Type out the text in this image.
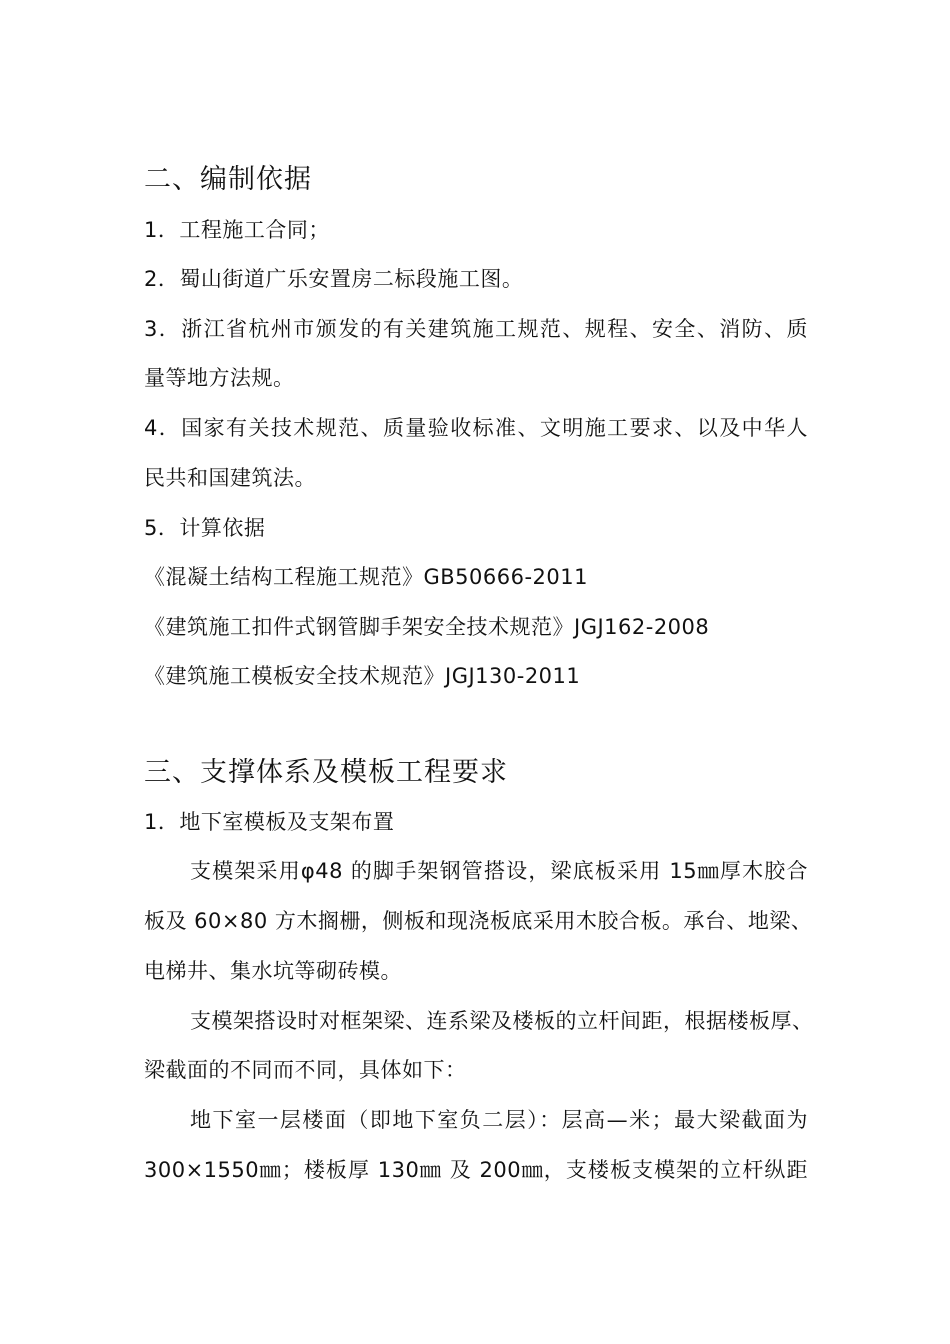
二、编制依据
1．工程施工合同；
2．蜀山街道广乐安置房二标段施工图。
3．浙江省杭州市颁发的有关建筑施工规范、规程、安全、消防、质
量等地方法规。
4．国家有关技术规范、质量验收标准、文明施工要求、以及中华人
民共和国建筑法。
5．计算依据
《混凝土结构工程施工规范》GB50666-2011
《建筑施工扣件式钢管脚手架安全技术规范》JGJ162-2008
《建筑施工模板安全技术规范》JGJ130-2011
三、支撑体系及模板工程要求
1．地下室模板及支架布置
支模架采用φ48 的脚手架钢管搭设，梁底板采用 15㎜厚木胶合
板及 60×80 方木搁栅，侧板和现浇板底采用木胶合板。承台、地梁、
电梯井、集水坑等砌砖模。
支模架搭设时对框架梁、连系梁及楼板的立杆间距，根据楼板厚、
梁截面的不同而不同，具体如下：
地下室一层楼面（即地下室负二层）：层高—米；最大梁截面为
300×1550㎜；楼板厚 130㎜ 及 200㎜，支楼板支模架的立杆纵距
